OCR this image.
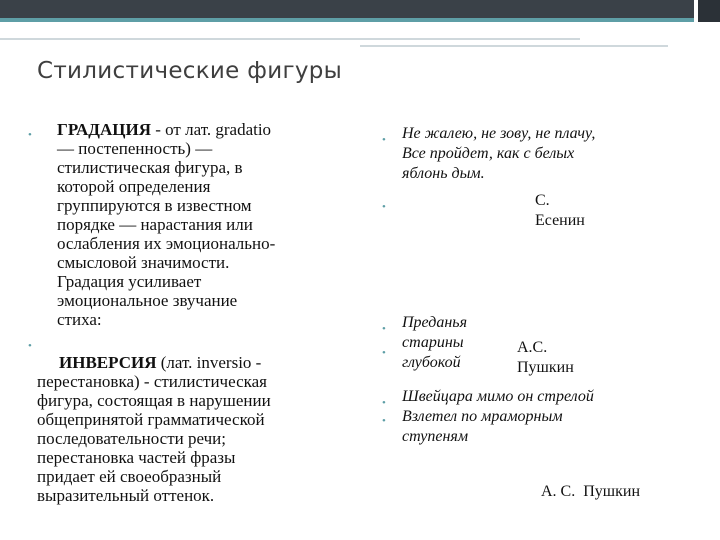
Стилистические фигуры
• ГРАДАЦИЯ - от лат. gradatio
— постепенность) —
стилистическая фигура, в
которой определения
группируются в известном
порядке — нарастания или
ослабления их эмоционально-
смысловой значимости.
Градация усиливает
эмоциональное звучание
стиха:
•
ИНВЕРСИЯ (лат. inversio -
перестановка) - стилистическая
фигура, состоящая в нарушении
общепринятой грамматической
последовательности речи;
перестановка частей фразы
придает ей своеобразный
выразительный оттенок.
• Не жалею, не зову, не плачу,
Все пройдет, как с белых
яблонь дым.
•	С. Есенин
• Преданья старины глубокой
•	А.С. Пушкин
• Швейцара мимо он стрелой
• Взлетел по мраморным
ступеням
А. С.  Пушкин
